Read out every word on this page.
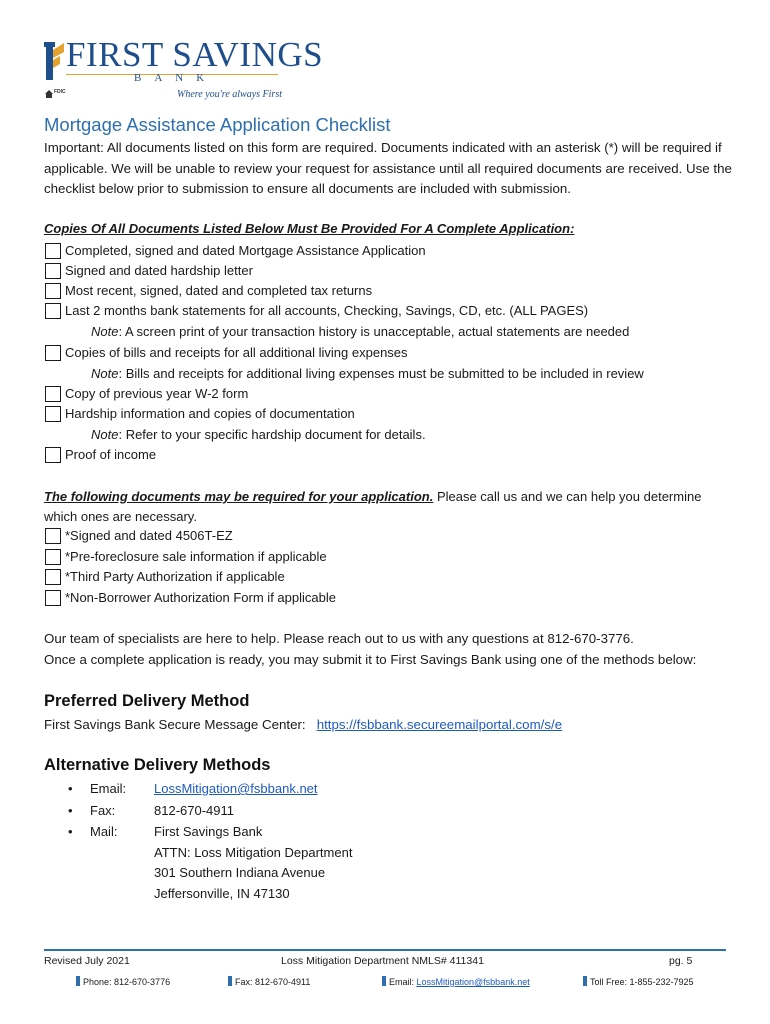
FIRST SAVINGS
BANK
Where you're always First
FDIC
Mortgage Assistance Application Checklist
Important: All documents listed on this form are required. Documents indicated with an asterisk (*) will be required if applicable. We will be unable to review your request for assistance until all required documents are received. Use the checklist below prior to submission to ensure all documents are included with submission.
Copies Of All Documents Listed Below Must Be Provided For A Complete Application:
Completed, signed and dated Mortgage Assistance Application
Signed and dated hardship letter
Most recent, signed, dated and completed tax returns
Last 2 months bank statements for all accounts, Checking, Savings, CD, etc. (ALL PAGES)
Note: A screen print of your transaction history is unacceptable, actual statements are needed
Copies of bills and receipts for all additional living expenses
Note: Bills and receipts for additional living expenses must be submitted to be included in review
Copy of previous year W-2 form
Hardship information and copies of documentation
Note: Refer to your specific hardship document for details.
Proof of income
The following documents may be required for your application. Please call us and we can help you determine which ones are necessary.
*Signed and dated 4506T-EZ
*Pre-foreclosure sale information if applicable
*Third Party Authorization if applicable
*Non-Borrower Authorization Form if applicable
Our team of specialists are here to help. Please reach out to us with any questions at 812-670-3776.
Once a complete application is ready, you may submit it to First Savings Bank using one of the methods below:
Preferred Delivery Method
First Savings Bank Secure Message Center: https://fsbbank.secureemailportal.com/s/e
Alternative Delivery Methods
• Email: LossMitigation@fsbbank.net
• Fax:	812-670-4911
• Mail:	First Savings Bank
ATTN: Loss Mitigation Department
301 Southern Indiana Avenue
Jeffersonville, IN 47130
Revised July 2021	Loss Mitigation Department NMLS# 411341	pg. 5
Phone: 812-670-3776	Fax: 812-670-4911	Email: LossMitigation@fsbbank.net	Toll Free: 1-855-232-7925
